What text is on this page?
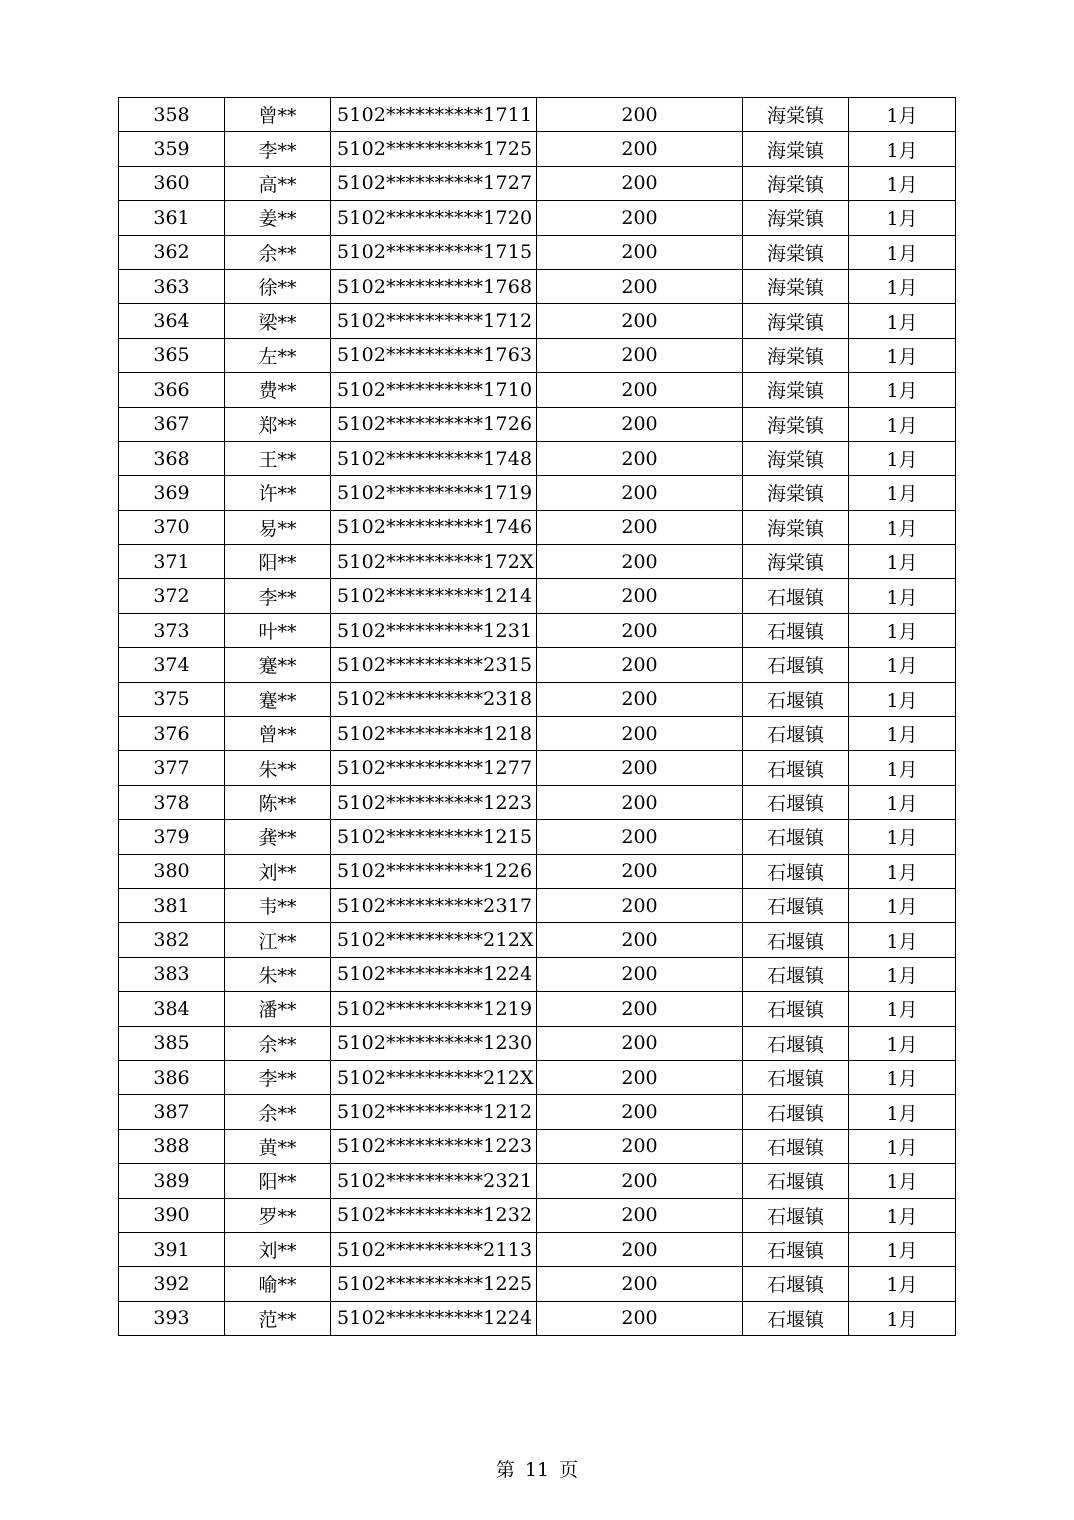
358	曾**	5102**********1711	200	海棠镇	1月
359	李**	5102**********1725	200	海棠镇	1月
360	高**	5102**********1727	200	海棠镇	1月
361	姜**	5102**********1720	200	海棠镇	1月
362	余**	5102**********1715	200	海棠镇	1月
363	徐**	5102**********1768	200	海棠镇	1月
364	梁**	5102**********1712	200	海棠镇	1月
365	左**	5102**********1763	200	海棠镇	1月
366	费**	5102**********1710	200	海棠镇	1月
367	郑**	5102**********1726	200	海棠镇	1月
368	王**	5102**********1748	200	海棠镇	1月
369	许**	5102**********1719	200	海棠镇	1月
370	易**	5102**********1746	200	海棠镇	1月
371	阳**	5102**********172X	200	海棠镇	1月
372	李**	5102**********1214	200	石堰镇	1月
373	叶**	5102**********1231	200	石堰镇	1月
374	蹇**	5102**********2315	200	石堰镇	1月
375	蹇**	5102**********2318	200	石堰镇	1月
376	曾**	5102**********1218	200	石堰镇	1月
377	朱**	5102**********1277	200	石堰镇	1月
378	陈**	5102**********1223	200	石堰镇	1月
379	龚**	5102**********1215	200	石堰镇	1月
380	刘**	5102**********1226	200	石堰镇	1月
381	韦**	5102**********2317	200	石堰镇	1月
382	江**	5102**********212X	200	石堰镇	1月
383	朱**	5102**********1224	200	石堰镇	1月
384	潘**	5102**********1219	200	石堰镇	1月
385	余**	5102**********1230	200	石堰镇	1月
386	李**	5102**********212X	200	石堰镇	1月
387	余**	5102**********1212	200	石堰镇	1月
388	黄**	5102**********1223	200	石堰镇	1月
389	阳**	5102**********2321	200	石堰镇	1月
390	罗**	5102**********1232	200	石堰镇	1月
391	刘**	5102**********2113	200	石堰镇	1月
392	喻**	5102**********1225	200	石堰镇	1月
393	范**	5102**********1224	200	石堰镇	1月
第 11 页
